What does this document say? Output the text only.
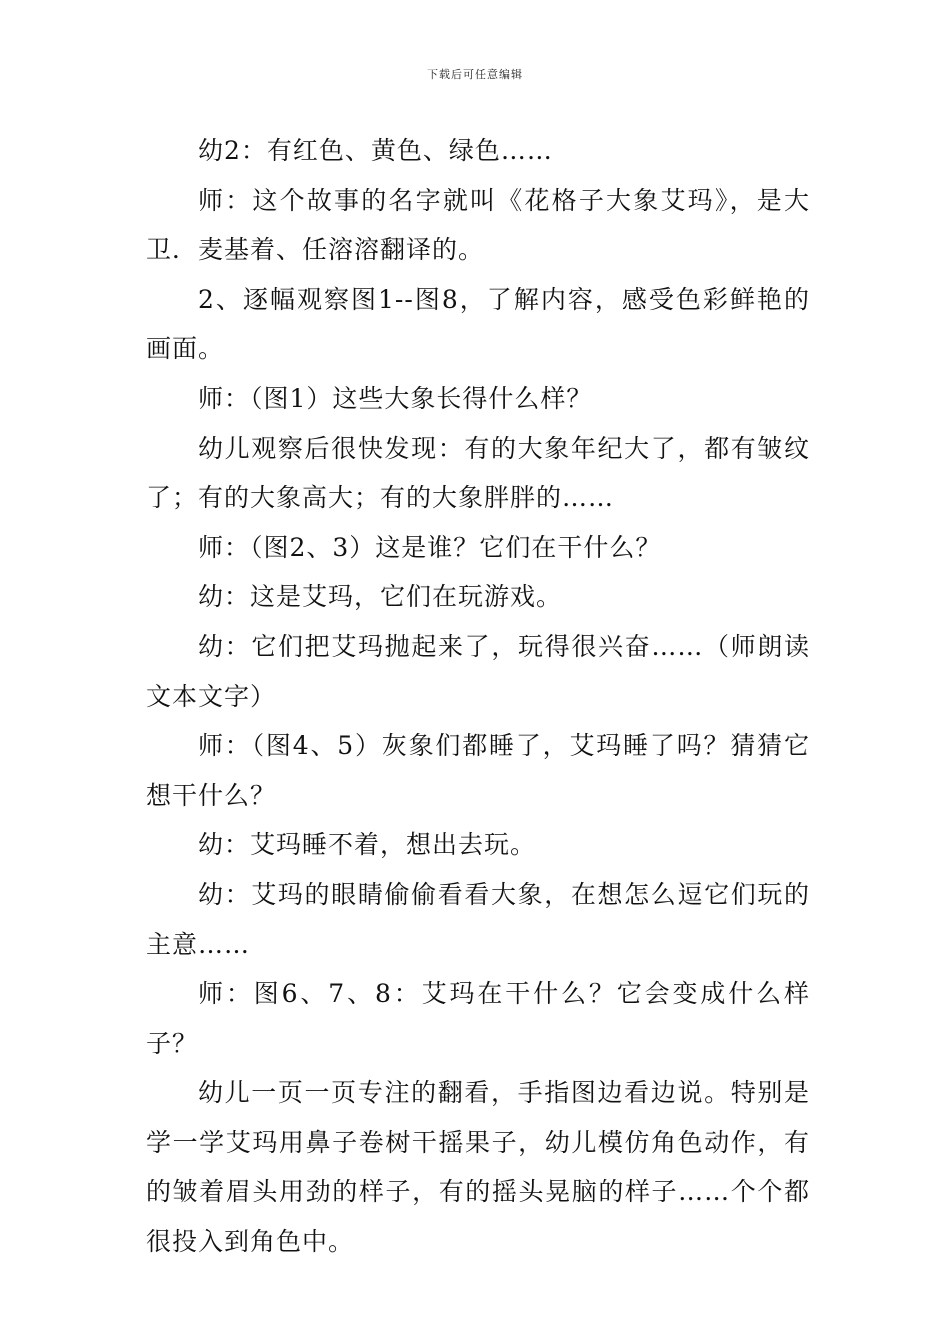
下载后可任意编辑

幼2：有红色、黄色、绿色……

师：这个故事的名字就叫《花格子大象艾玛》，是大卫．麦基着、任溶溶翻译的。

2、逐幅观察图1--图8，了解内容，感受色彩鲜艳的画面。

师：（图1）这些大象长得什么样？

幼儿观察后很快发现：有的大象年纪大了，都有皱纹了；有的大象高大；有的大象胖胖的……

师：（图2、3）这是谁？它们在干什么？

幼：这是艾玛，它们在玩游戏。

幼：它们把艾玛抛起来了，玩得很兴奋……（师朗读文本文字）

师：（图4、5）灰象们都睡了，艾玛睡了吗？猜猜它想干什么？

幼：艾玛睡不着，想出去玩。

幼：艾玛的眼睛偷偷看看大象，在想怎么逗它们玩的主意……

师：图6、7、8：艾玛在干什么？它会变成什么样子？

幼儿一页一页专注的翻看，手指图边看边说。特别是学一学艾玛用鼻子卷树干摇果子，幼儿模仿角色动作，有的皱着眉头用劲的样子，有的摇头晃脑的样子……个个都很投入到角色中。
